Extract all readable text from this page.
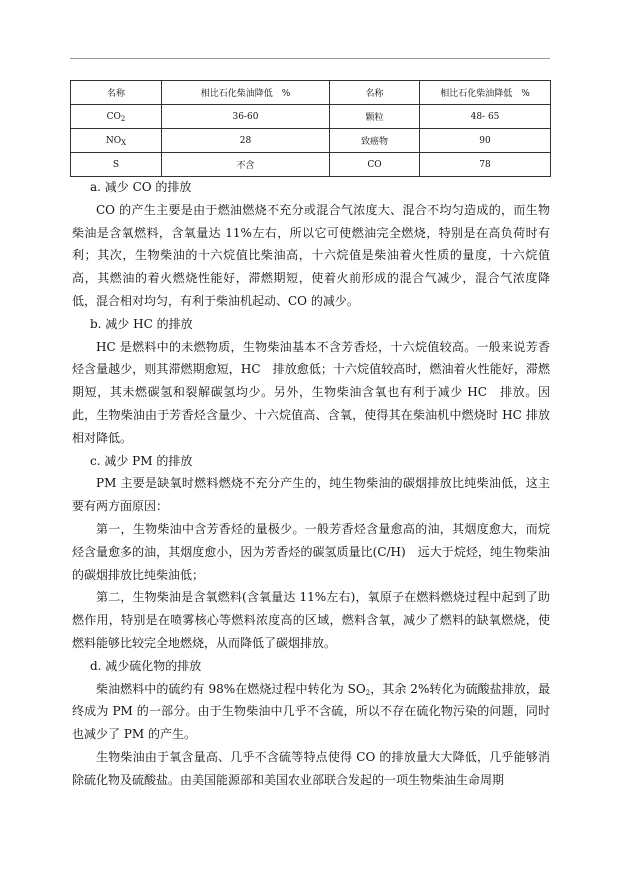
名称	相比石化柴油降低　%	名称	相比石化柴油降低　%
$CO_2$	36-60	颗粒	48- 65
$NO_X$	28	致癌物	90
S	不含	CO	78

a. 减少 CO 的排放

CO 的产生主要是由于燃油燃烧不充分或混合气浓度大、混合不均匀造成的，而生物柴油是含氧燃料，含氧量达 11%左右，所以它可使燃油完全燃烧，特别是在高负荷时有利；其次，生物柴油的十六烷值比柴油高，十六烷值是柴油着火性质的量度，十六烷值高，其燃油的着火燃烧性能好，滞燃期短，使着火前形成的混合气减少，混合气浓度降低，混合相对均匀，有利于柴油机起动、CO 的减少。

b. 减少 HC 的排放

HC 是燃料中的未燃物质，生物柴油基本不含芳香烃，十六烷值较高。一般来说芳香烃含量越少，则其滞燃期愈短，HC　排放愈低；十六烷值较高时，燃油着火性能好，滞燃期短，其未燃碳氢和裂解碳氢均少。另外，生物柴油含氧也有利于减少 HC　排放。因此，生物柴油由于芳香烃含量少、十六烷值高、含氧，使得其在柴油机中燃烧时 HC 排放相对降低。

c. 减少 PM 的排放

PM 主要是缺氧时燃料燃烧不充分产生的，纯生物柴油的碳烟排放比纯柴油低，这主要有两方面原因：

第一，生物柴油中含芳香烃的量极少。一般芳香烃含量愈高的油，其烟度愈大，而烷烃含量愈多的油，其烟度愈小，因为芳香烃的碳氢质量比(C/H)　远大于烷烃，纯生物柴油的碳烟排放比纯柴油低；

第二，生物柴油是含氧燃料(含氧量达 11%左右)，氧原子在燃料燃烧过程中起到了助燃作用，特别是在喷雾核心等燃料浓度高的区域，燃料含氧，减少了燃料的缺氧燃烧，使燃料能够比较完全地燃烧，从而降低了碳烟排放。

d. 减少硫化物的排放

柴油燃料中的硫约有 98%在燃烧过程中转化为 $SO_2$，其余 2%转化为硫酸盐排放，最终成为 PM 的一部分。由于生物柴油中几乎不含硫，所以不存在硫化物污染的问题，同时也减少了 PM 的产生。

生物柴油由于氧含量高、几乎不含硫等特点使得 CO 的排放量大大降低，几乎能够消除硫化物及硫酸盐。由美国能源部和美国农业部联合发起的一项生物柴油生命周期
